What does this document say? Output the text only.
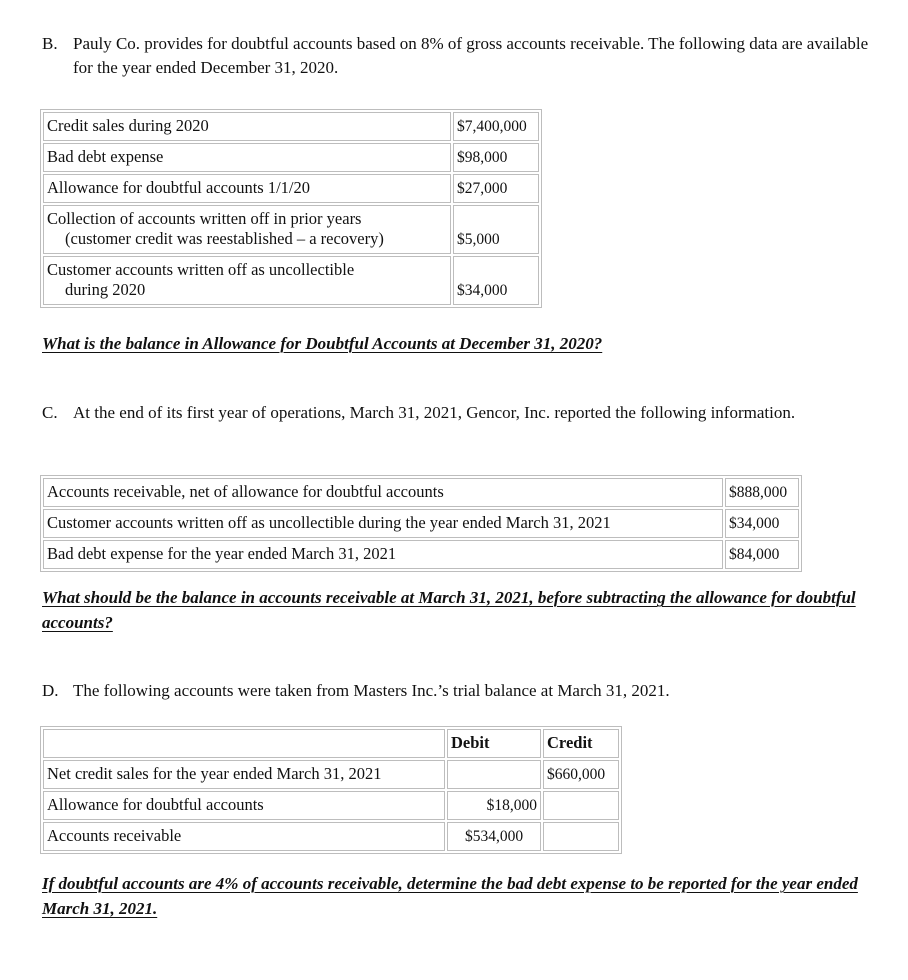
B. Pauly Co. provides for doubtful accounts based on 8% of gross accounts receivable. The following data are available for the year ended December 31, 2020.
Credit sales during 2020	$7,400,000
Bad debt expense	$98,000
Allowance for doubtful accounts 1/1/20	$27,000
Collection of accounts written off in prior years
(customer credit was reestablished – a recovery)	$5,000
Customer accounts written off as uncollectible
during 2020	$34,000
What is the balance in Allowance for Doubtful Accounts at December 31, 2020?
C. At the end of its first year of operations, March 31, 2021, Gencor, Inc. reported the following information.
Accounts receivable, net of allowance for doubtful accounts	$888,000
Customer accounts written off as uncollectible during the year ended March 31, 2021	$34,000
Bad debt expense for the year ended March 31, 2021	$84,000
What should be the balance in accounts receivable at March 31, 2021, before subtracting the allowance for doubtful accounts?
D. The following accounts were taken from Masters Inc.’s trial balance at March 31, 2021.
	Debit	Credit
Net credit sales for the year ended March 31, 2021		$660,000
Allowance for doubtful accounts	$18,000	
Accounts receivable	$534,000	
If doubtful accounts are 4% of accounts receivable, determine the bad debt expense to be reported for the year ended March 31, 2021.
